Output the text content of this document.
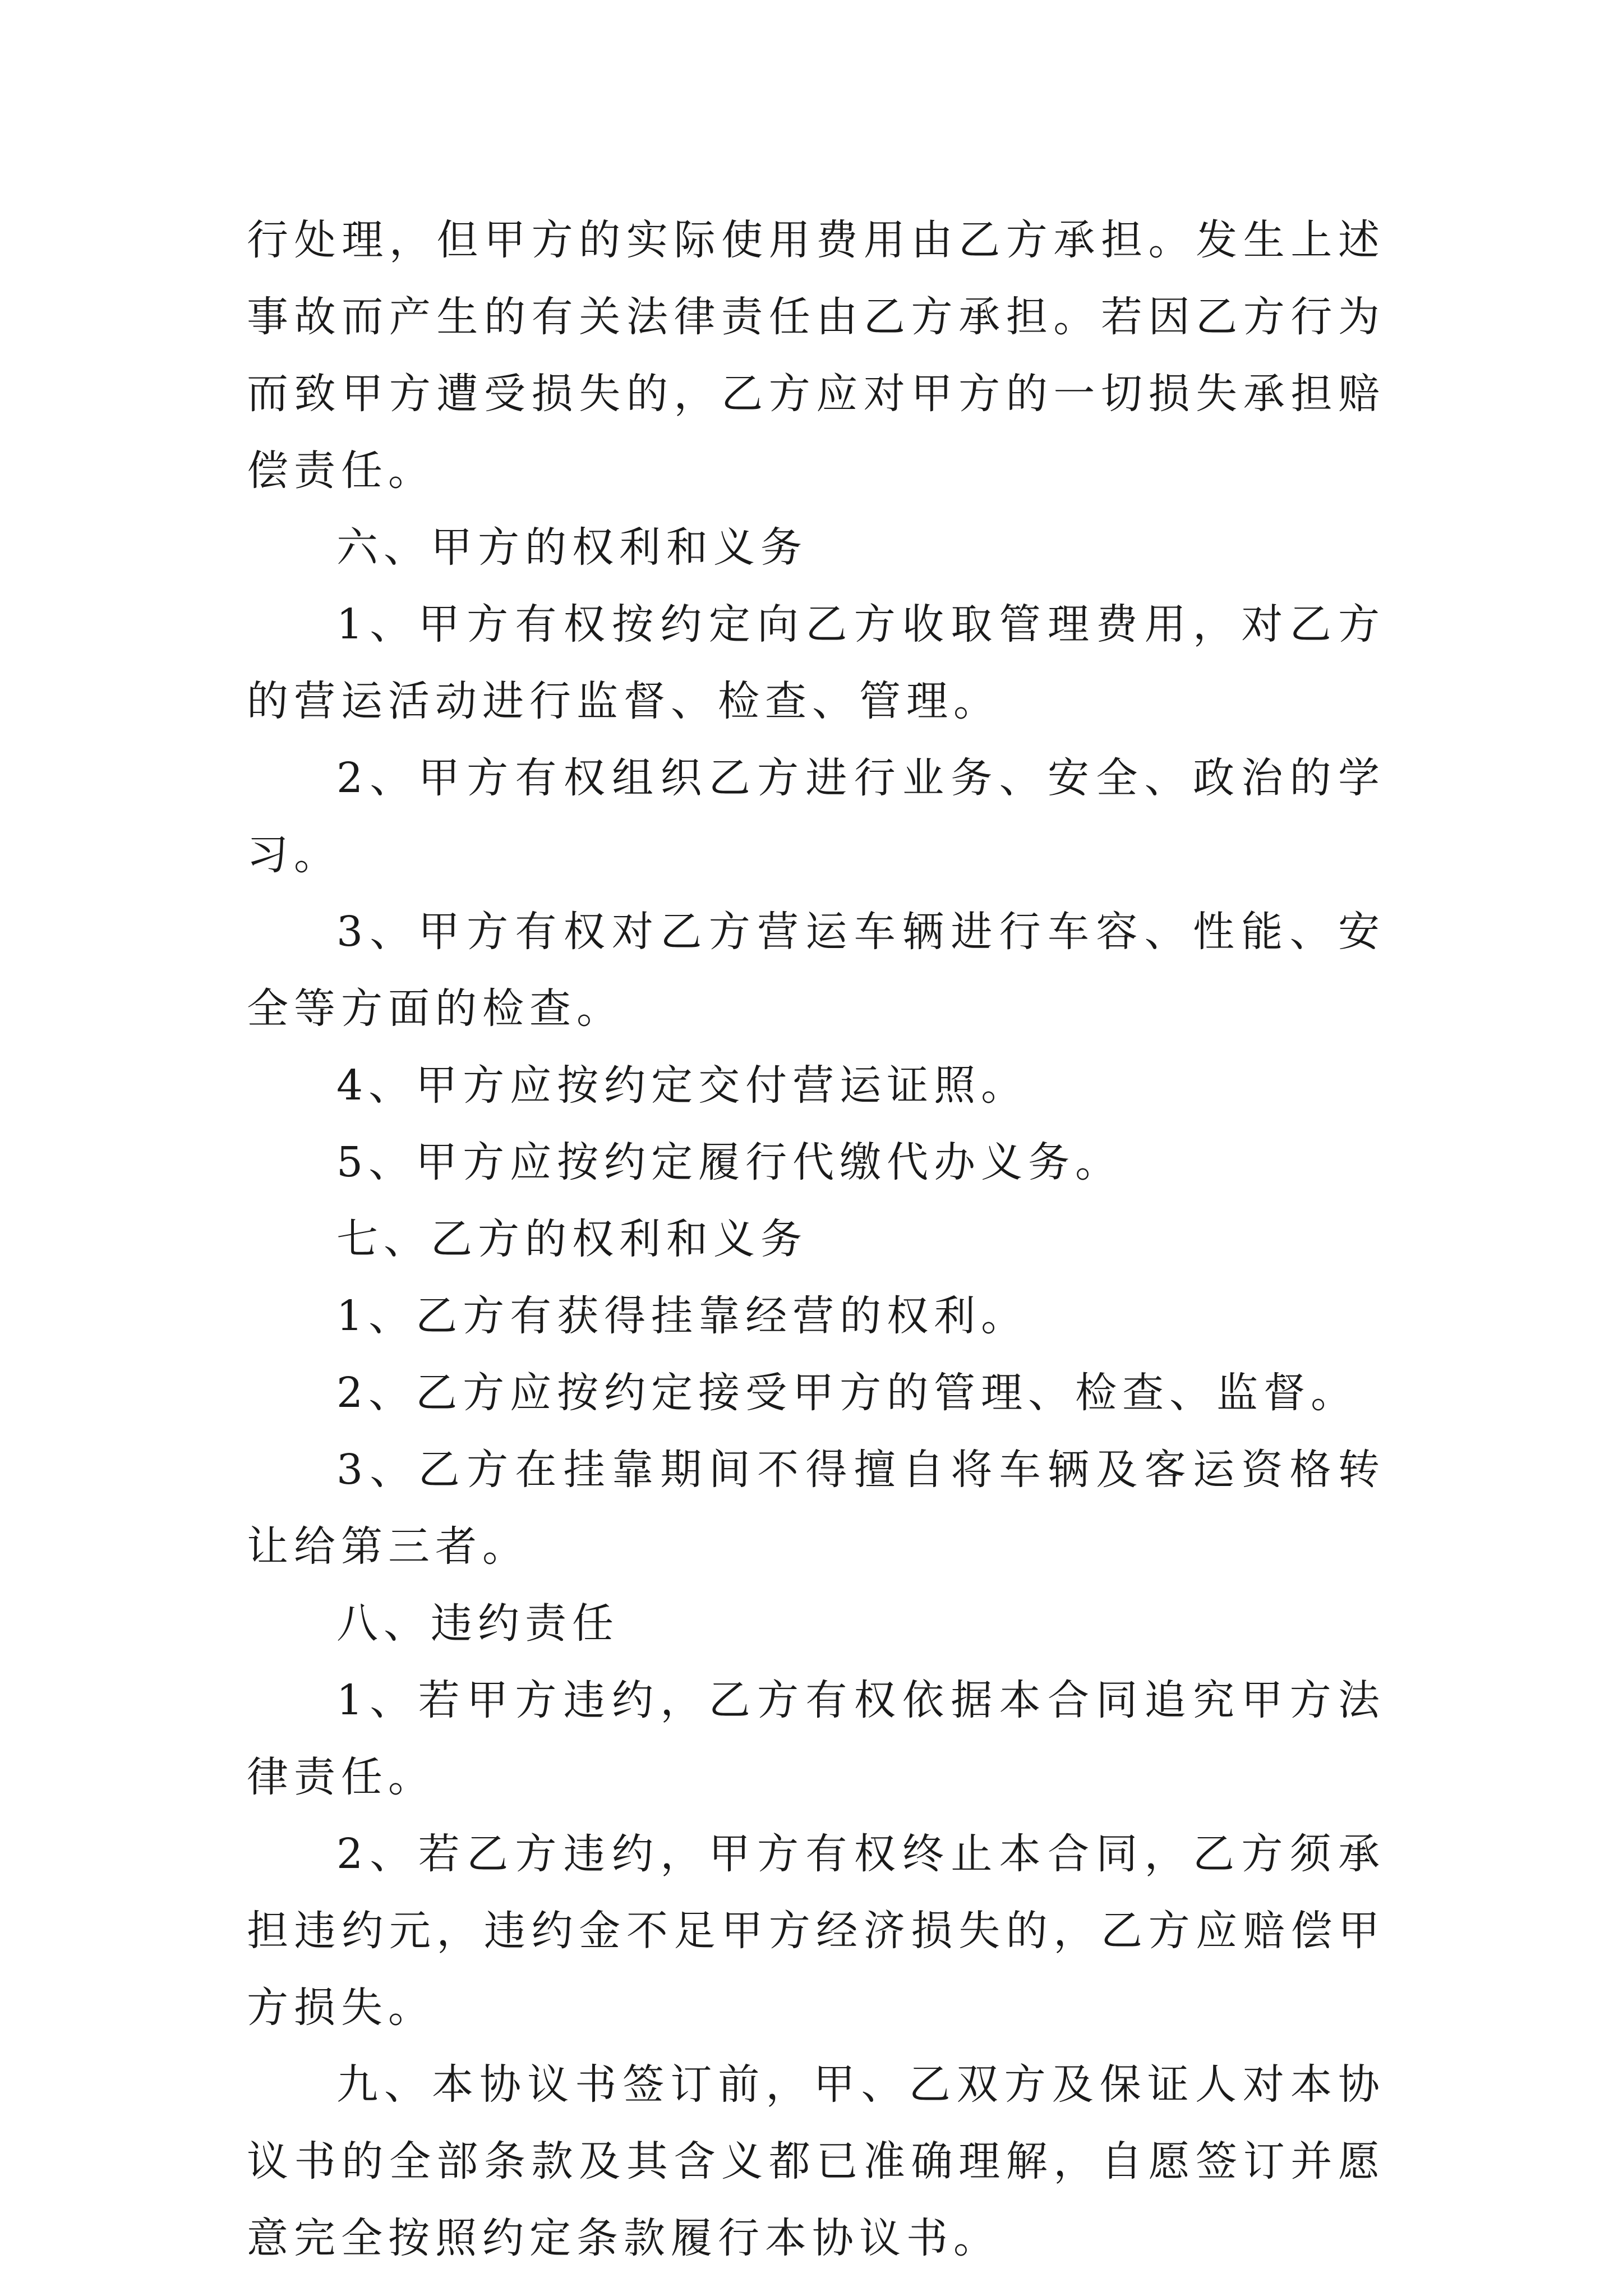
行处理，但甲方的实际使用费用由乙方承担。发生上述事故而产生的有关法律责任由乙方承担。若因乙方行为而致甲方遭受损失的，乙方应对甲方的一切损失承担赔偿责任。

六、甲方的权利和义务

1、甲方有权按约定向乙方收取管理费用，对乙方的营运活动进行监督、检查、管理。

2、甲方有权组织乙方进行业务、安全、政治的学习。

3、甲方有权对乙方营运车辆进行车容、性能、安全等方面的检查。

4、甲方应按约定交付营运证照。

5、甲方应按约定履行代缴代办义务。

七、乙方的权利和义务

1、乙方有获得挂靠经营的权利。

2、乙方应按约定接受甲方的管理、检查、监督。

3、乙方在挂靠期间不得擅自将车辆及客运资格转让给第三者。

八、违约责任

1、若甲方违约，乙方有权依据本合同追究甲方法律责任。

2、若乙方违约，甲方有权终止本合同，乙方须承担违约元，违约金不足甲方经济损失的，乙方应赔偿甲方损失。

九、本协议书签订前，甲、乙双方及保证人对本协议书的全部条款及其含义都已准确理解，自愿签订并愿意完全按照约定条款履行本协议书。
